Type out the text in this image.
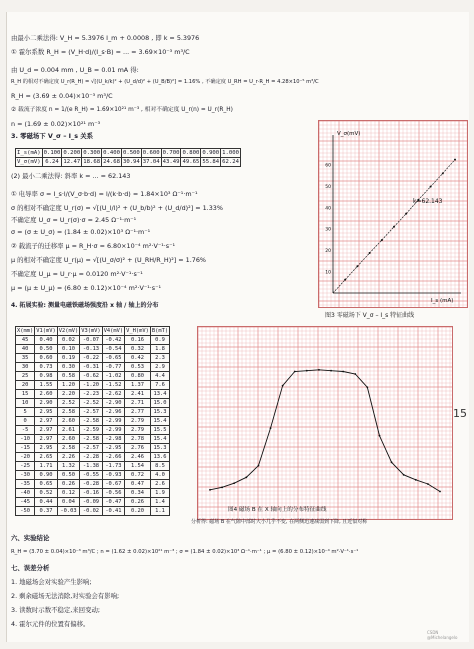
由最小二乘法得: V_H = 5.3976 I_m + 0.0008 , 即 k = 5.3976
① 霍尔系数 R_H = (V_H·d)/(I_s·B) = ... = 3.69×10⁻³ m³/C
由 U_d = 0.004 mm , U_B = 0.01 mA 得:
R_H 的相对不确定度 U_r(R_H) = √[(U_k/k)² + (U_d/d)² + (U_B/B)²] = 1.16% , 不确定度 U_RH = U_r·R_H = 4.28×10⁻⁵ m³/C
R_H = (3.69 ± 0.04)×10⁻³ m³/C
② 载流子浓度 n = 1/(e R_H) = 1.69×10²¹ m⁻³ , 相对不确定度 U_r(n) = U_r(R_H)
n = (1.69 ± 0.02)×10²¹ m⁻³
3. 零磁场下 V_σ – I_s 关系
I_s(mA)	0.100	0.200	0.300	0.400	0.500	0.600	0.700	0.800	0.900	1.000
V_σ(mV)	6.24	12.47	18.68	24.68	30.94	37.04	43.49	49.65	55.84	62.24
(2) 最小二乘法得: 斜率 k = ... = 62.143
① 电导率 σ = I_s·l/(V_σ·b·d) = l/(k·b·d) = 1.84×10³ Ω⁻¹·m⁻¹
σ 的相对不确定度 U_r(σ) = √[(U_l/l)² + (U_b/b)² + (U_d/d)²] = 1.33%
不确定度 U_σ = U_r(σ)·σ = 2.45 Ω⁻¹·m⁻¹
σ = (σ ± U_σ) = (1.84 ± 0.02)×10³ Ω⁻¹·m⁻¹
② 载流子的迁移率 μ = R_H·σ = 6.80×10⁻⁴ m²·V⁻¹·s⁻¹
μ 的相对不确定度 U_r(μ) = √[(U_σ/σ)² + (U_RH/R_H)²] = 1.76%
不确定度 U_μ = U_r·μ = 0.0120 m²·V⁻¹·s⁻¹
μ = (μ ± U_μ) = (6.80 ± 0.12)×10⁻⁴ m²·V⁻¹·s⁻¹
4. 拓展实验: 测量电磁铁磁场强度沿 x 轴 / 轴上的分布
10
20
30
40
50
60
V_σ(mV)
I_s (mA)
k=62.143
图3 零磁场下 V_σ – I_s 特征曲线
X(mm)	V1(mV)	V2(mV)	V3(mV)	V4(mV)	V_H(mV)	B(mT)
45	0.40	0.02	-0.07	-0.42	0.16	0.9
40	0.50	0.10	-0.13	-0.54	0.32	1.8
35	0.60	0.19	-0.22	-0.65	0.42	2.3
30	0.73	0.30	-0.31	-0.77	0.53	2.9
25	0.98	0.58	-0.62	-1.02	0.80	4.4
20	1.55	1.20	-1.20	-1.52	1.37	7.6
15	2.60	2.20	-2.23	-2.62	2.41	13.4
10	2.90	2.52	-2.52	-2.90	2.71	15.0
5	2.95	2.58	-2.57	-2.96	2.77	15.3
0	2.97	2.60	-2.58	-2.99	2.79	15.4
-5	2.97	2.61	-2.59	-2.99	2.79	15.5
-10	2.97	2.60	-2.58	-2.98	2.78	15.4
-15	2.95	2.58	-2.57	-2.95	2.76	15.3
-20	2.65	2.26	-2.28	-2.66	2.46	13.6
-25	1.71	1.32	-1.38	-1.73	1.54	8.5
-30	0.90	0.50	-0.55	-0.93	0.72	4.0
-35	0.65	0.26	-0.28	-0.67	0.47	2.6
-40	0.52	0.12	-0.16	-0.56	0.34	1.9
-45	0.44	0.04	-0.09	-0.47	0.26	1.4
-50	0.37	-0.03	-0.02	-0.41	0.20	1.1	图4 磁场 B 在 X 轴向上的分布特征曲线
15
分析得: 磁场 B 在气隙中部时大小几乎不变, 在两侧迅速减弱到下降, 且近似对称
六、实验结论
R_H = (3.70 ± 0.04)×10⁻³ m³/C ; n = (1.62 ± 0.02)×10²¹ m⁻³ ; σ = (1.84 ± 0.02)×10³ Ω⁻¹·m⁻¹ ; μ = (6.80 ± 0.12)×10⁻⁴ m²·V⁻¹·s⁻¹
七、误差分析
1. 地磁场会对实验产生影响;
2. 剩余磁场无法消除,对实验会有影响;
3. 读数时示数不稳定,来回变动;
4. 霍尔元件的位置有偏移。
CSDN @Michelangelo
